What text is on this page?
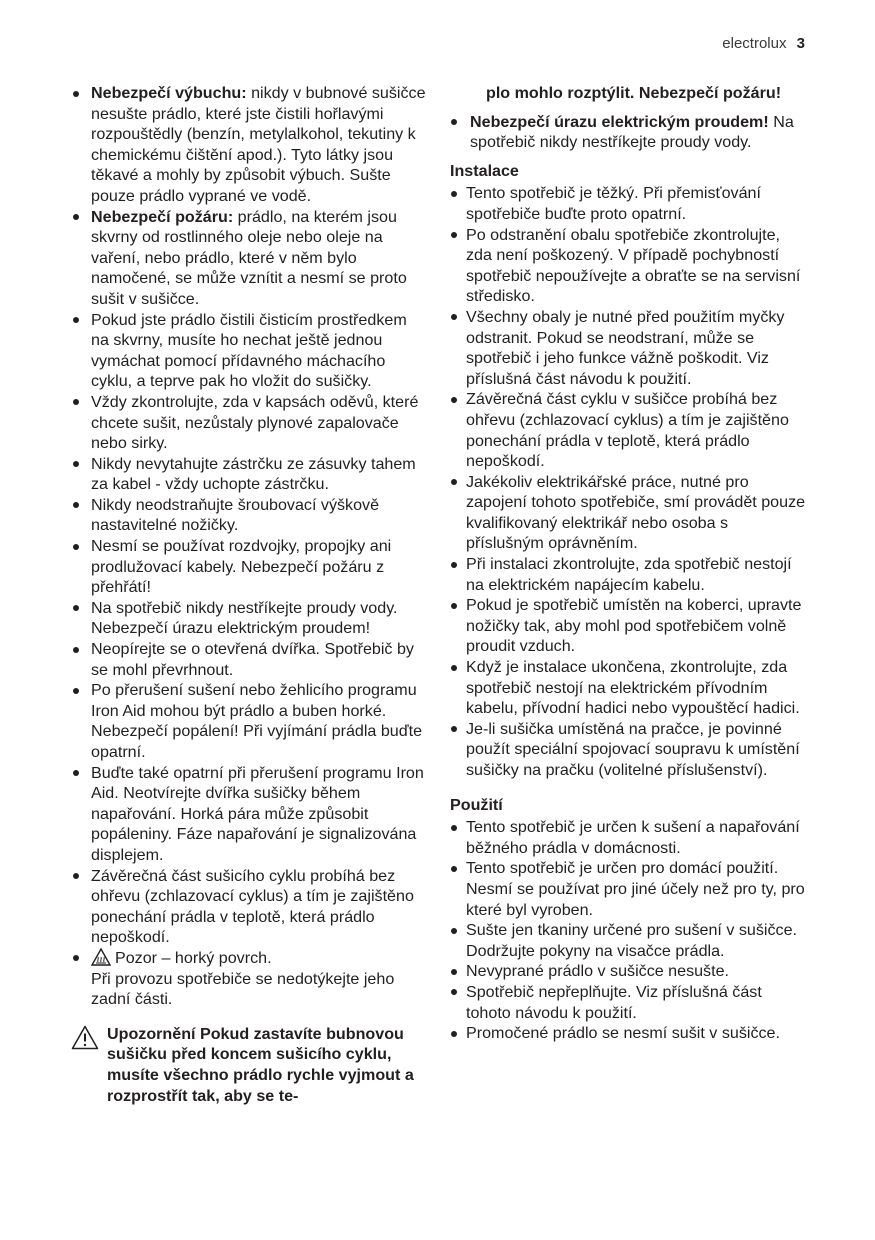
electrolux 3
Nebezpečí výbuchu: nikdy v bubnové sušičce nesušte prádlo, které jste čistili hořlavými rozpouštědly (benzín, metylalkohol, tekutiny k chemickému čištění apod.). Tyto látky jsou těkavé a mohly by způsobit výbuch. Sušte pouze prádlo vyprané ve vodě.
Nebezpečí požáru: prádlo, na kterém jsou skvrny od rostlinného oleje nebo oleje na vaření, nebo prádlo, které v něm bylo namočené, se může vznítit a nesmí se proto sušit v sušičce.
Pokud jste prádlo čistili čisticím prostředkem na skvrny, musíte ho nechat ještě jednou vymáchat pomocí přídavného máchacího cyklu, a teprve pak ho vložit do sušičky.
Vždy zkontrolujte, zda v kapsách oděvů, které chcete sušit, nezůstaly plynové zapalovače nebo sirky.
Nikdy nevytahujte zástrčku ze zásuvky tahem za kabel - vždy uchopte zástrčku.
Nikdy neodstraňujte šroubovací výškově nastavitelné nožičky.
Nesmí se používat rozdvojky, propojky ani prodlužovací kabely. Nebezpečí požáru z přehřátí!
Na spotřebič nikdy nestříkejte proudy vody. Nebezpečí úrazu elektrickým proudem!
Neopírejte se o otevřená dvířka. Spotřebič by se mohl převrhnout.
Po přerušení sušení nebo žehlicího programu Iron Aid mohou být prádlo a buben horké. Nebezpečí popálení! Při vyjímání prádla buďte opatrní.
Buďte také opatrní při přerušení programu Iron Aid. Neotvírejte dvířka sušičky během napařování. Horká pára může způsobit popáleniny. Fáze napařování je signalizována displejem.
Závěrečná část sušicího cyklu probíhá bez ohřevu (zchlazovací cyklus) a tím je zajištěno ponechání prádla v teplotě, která prádlo nepoškodí.
Pozor – horký povrch.
Při provozu spotřebiče se nedotýkejte jeho zadní části.
Upozornění Pokud zastavíte bubnovou sušičku před koncem sušicího cyklu, musíte všechno prádlo rychle vyjmout a rozprostřít tak, aby se te-
plo mohlo rozptýlit. Nebezpečí požáru!
Nebezpečí úrazu elektrickým proudem! Na spotřebič nikdy nestříkejte proudy vody.
Instalace
Tento spotřebič je těžký. Při přemisťování spotřebiče buďte proto opatrní.
Po odstranění obalu spotřebiče zkontrolujte, zda není poškozený. V případě pochybností spotřebič nepoužívejte a obraťte se na servisní středisko.
Všechny obaly je nutné před použitím myčky odstranit. Pokud se neodstraní, může se spotřebič i jeho funkce vážně poškodit. Viz příslušná část návodu k použití.
Závěrečná část cyklu v sušičce probíhá bez ohřevu (zchlazovací cyklus) a tím je zajištěno ponechání prádla v teplotě, která prádlo nepoškodí.
Jakékoliv elektrikářské práce, nutné pro zapojení tohoto spotřebiče, smí provádět pouze kvalifikovaný elektrikář nebo osoba s příslušným oprávněním.
Při instalaci zkontrolujte, zda spotřebič nestojí na elektrickém napájecím kabelu.
Pokud je spotřebič umístěn na koberci, upravte nožičky tak, aby mohl pod spotřebičem volně proudit vzduch.
Když je instalace ukončena, zkontrolujte, zda spotřebič nestojí na elektrickém přívodním kabelu, přívodní hadici nebo vypouštěcí hadici.
Je-li sušička umístěná na pračce, je povinné použít speciální spojovací soupravu k umístění sušičky na pračku (volitelné příslušenství).
Použití
Tento spotřebič je určen k sušení a napařování běžného prádla v domácnosti.
Tento spotřebič je určen pro domácí použití. Nesmí se používat pro jiné účely než pro ty, pro které byl vyroben.
Sušte jen tkaniny určené pro sušení v sušičce. Dodržujte pokyny na visačce prádla.
Nevyprané prádlo v sušičce nesušte.
Spotřebič nepřeplňujte. Viz příslušná část tohoto návodu k použití.
Promočené prádlo se nesmí sušit v sušičce.
